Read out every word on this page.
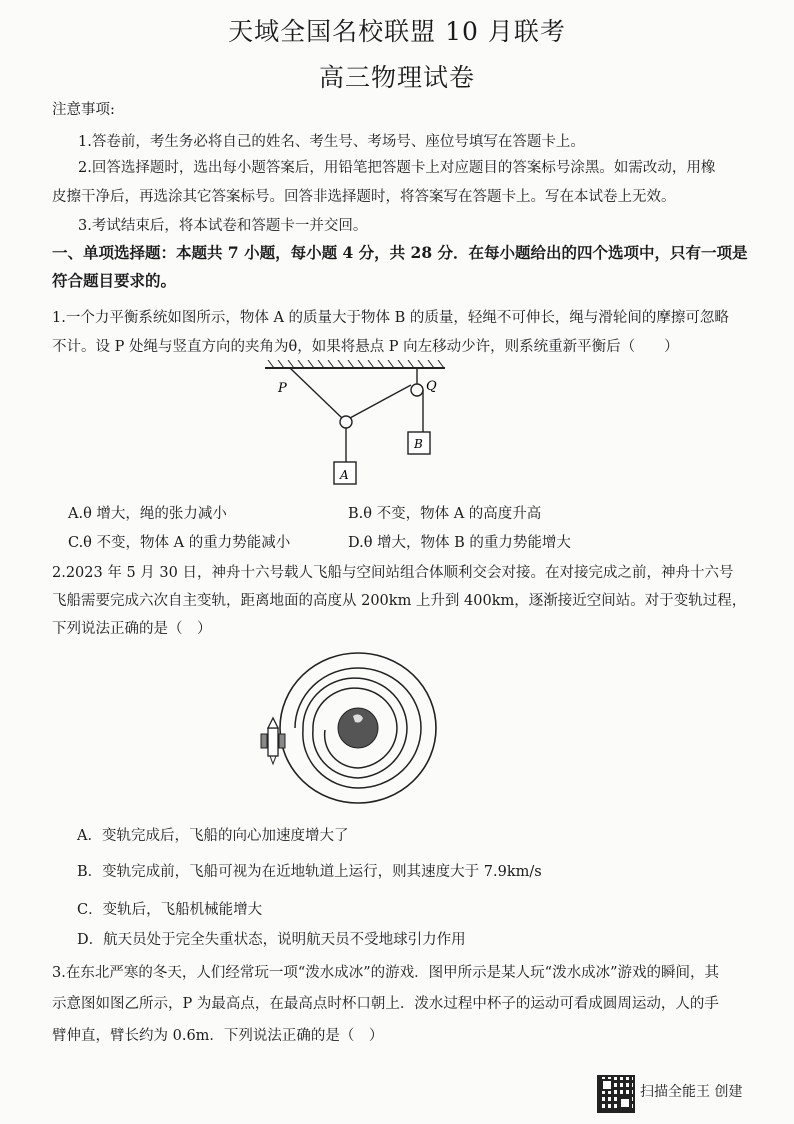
天域全国名校联盟 10 月联考
高三物理试卷
注意事项:
1.答卷前，考生务必将自己的姓名、考生号、考场号、座位号填写在答题卡上。
2.回答选择题时，选出每小题答案后，用铅笔把答题卡上对应题目的答案标号涂黑。如需改动，用橡
皮擦干净后，再选涂其它答案标号。回答非选择题时，将答案写在答题卡上。写在本试卷上无效。
3.考试结束后，将本试卷和答题卡一并交回。
一、单项选择题：本题共 7 小题，每小题 4 分，共 28 分．在每小题给出的四个选项中，只有一项是
符合题目要求的。
1.一个力平衡系统如图所示，物体 A 的质量大于物体 B 的质量，轻绳不可伸长，绳与滑轮间的摩擦可忽略
不计。设 P 处绳与竖直方向的夹角为θ，如果将悬点 P 向左移动少许，则系统重新平衡后（　　）
P	Q
A
B
A.θ 增大，绳的张力减小	B.θ 不变，物体 A 的高度升高
C.θ 不变，物体 A 的重力势能减小	D.θ 增大，物体 B 的重力势能增大
2.2023 年 5 月 30 日，神舟十六号载人飞船与空间站组合体顺利交会对接。在对接完成之前，神舟十六号
飞船需要完成六次自主变轨，距离地面的高度从 200km 上升到 400km，逐渐接近空间站。对于变轨过程，
下列说法正确的是（　）
A．变轨完成后，飞船的向心加速度增大了
B．变轨完成前，飞船可视为在近地轨道上运行，则其速度大于 7.9km/s
C．变轨后，飞船机械能增大
D．航天员处于完全失重状态，说明航天员不受地球引力作用
3.在东北严寒的冬天，人们经常玩一项“泼水成冰”的游戏．图甲所示是某人玩“泼水成冰”游戏的瞬间，其
示意图如图乙所示，P 为最高点，在最高点时杯口朝上．泼水过程中杯子的运动可看成圆周运动，人的手
臂伸直，臂长约为 0.6m．下列说法正确的是（　）
扫描全能王 创建
